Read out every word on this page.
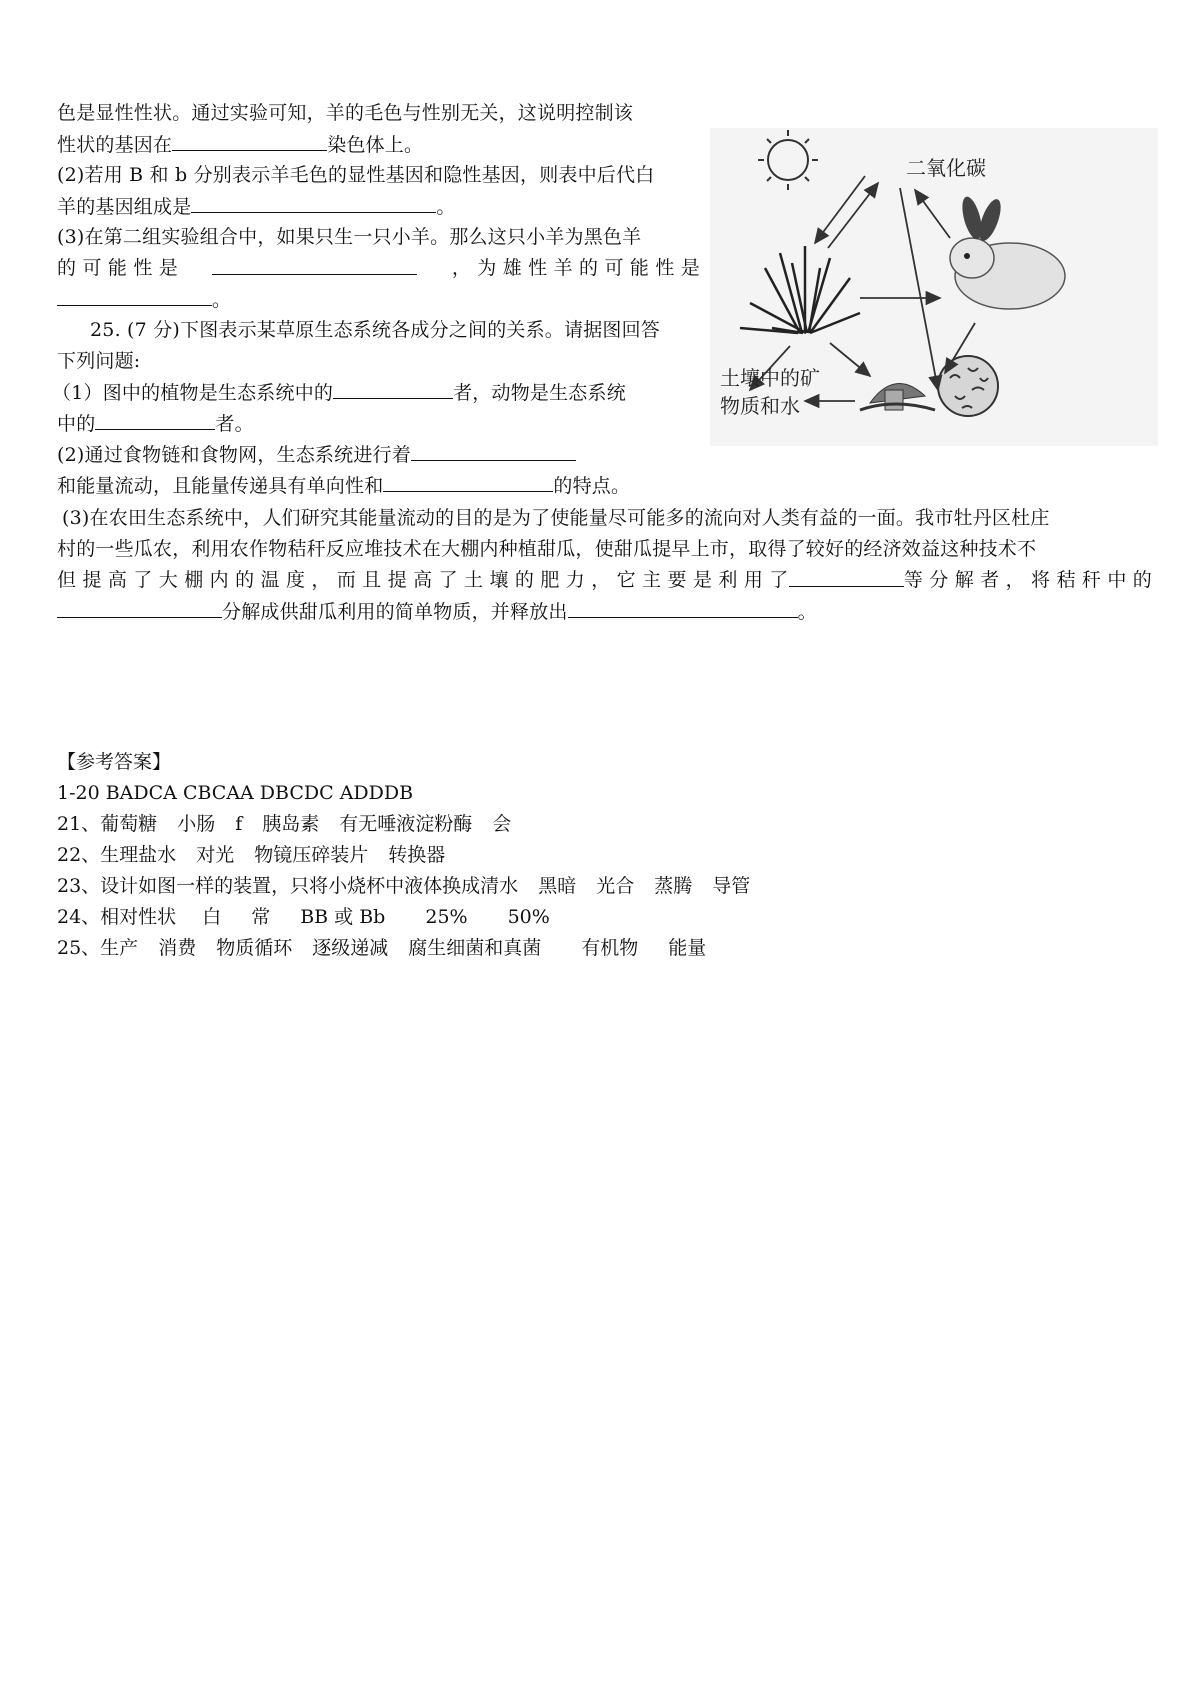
色是显性性状。通过实验可知，羊的毛色与性别无关，这说明控制该
性状的基因在	染色体上。
(2)若用 B 和 b 分别表示羊毛色的显性基因和隐性基因，则表中后代白
羊的基因组成是	。
(3)在第二组实验组合中，如果只生一只小羊。那么这只小羊为黑色羊
的 可 能 性 是	， 为 雄 性 羊 的 可 能 性 是
。
25. (7 分)下图表示某草原生态系统各成分之间的关系。请据图回答
下列问题:
（1）图中的植物是生态系统中的	者，动物是生态系统
中的	者。
(2)通过食物链和食物网，生态系统进行着
和能量流动，且能量传递具有单向性和	的特点。
(3)在农田生态系统中，人们研究其能量流动的目的是为了使能量尽可能多的流向对人类有益的一面。我市牡丹区杜庄
村的一些瓜农，利用农作物秸秆反应堆技术在大棚内种植甜瓜，使甜瓜提早上市，取得了较好的经济效益这种技术不
但 提 高 了 大 棚 内 的 温 度 ， 而 且 提 高 了 土 壤 的 肥 力 ， 它 主 要 是 利 用 了	等 分 解 者 ， 将 秸 秆 中 的
分解成供甜瓜利用的简单物质，并释放出	。
二氧化碳
土壤中的矿
物质和水
【参考答案】
1-20 BADCA CBCAA DBCDC ADDDB
21、葡萄糖 小肠 f 胰岛素 有无唾液淀粉酶 会
22、生理盐水 对光 物镜压碎装片 转换器
23、设计如图一样的装置，只将小烧杯中液体换成清水 黑暗 光合 蒸腾 导管
24、相对性状 白 常 BB 或 Bb 25% 50%
25、生产 消费 物质循环 逐级递减 腐生细菌和真菌 有机物 能量
